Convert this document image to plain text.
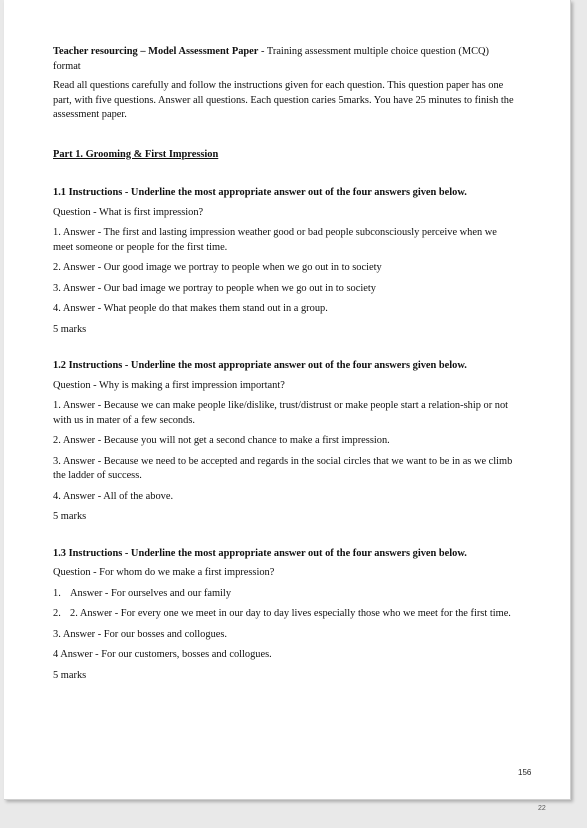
Teacher resourcing – Model Assessment Paper - Training assessment multiple choice question (MCQ) format

Read all questions carefully and follow the instructions given for each question. This question paper has one part, with five questions. Answer all questions. Each question caries 5marks. You have 25 minutes to finish the assessment paper.

Part 1. Grooming & First Impression

1.1 Instructions - Underline the most appropriate answer out of the four answers given below.

Question - What is first impression?

1. Answer - The first and lasting impression weather good or bad people subconsciously perceive when we meet someone or people for the first time.

2. Answer - Our good image we portray to people when we go out in to society

3. Answer - Our bad image we portray to people when we go out in to society

4. Answer - What people do that makes them stand out in a group.

5 marks

1.2 Instructions - Underline the most appropriate answer out of the four answers given below.

Question - Why is making a first impression important?

1. Answer - Because we can make people like/dislike, trust/distrust or make people start a relation-ship or not with us in mater of a few seconds.

2. Answer - Because you will not get a second chance to make a first impression.

3. Answer - Because we need to be accepted and regards in the social circles that we want to be in as we climb the ladder of success.

4. Answer - All of the above.

5 marks

1.3 Instructions - Underline the most appropriate answer out of the four answers given below.

Question - For whom do we make a first impression?

1. Answer - For ourselves and our family
2. 2. Answer - For every one we meet in our day to day lives especially those who we meet for the first time.

3. Answer - For our bosses and collogues.

4 Answer - For our customers, bosses and collogues.

5 marks

156
22
